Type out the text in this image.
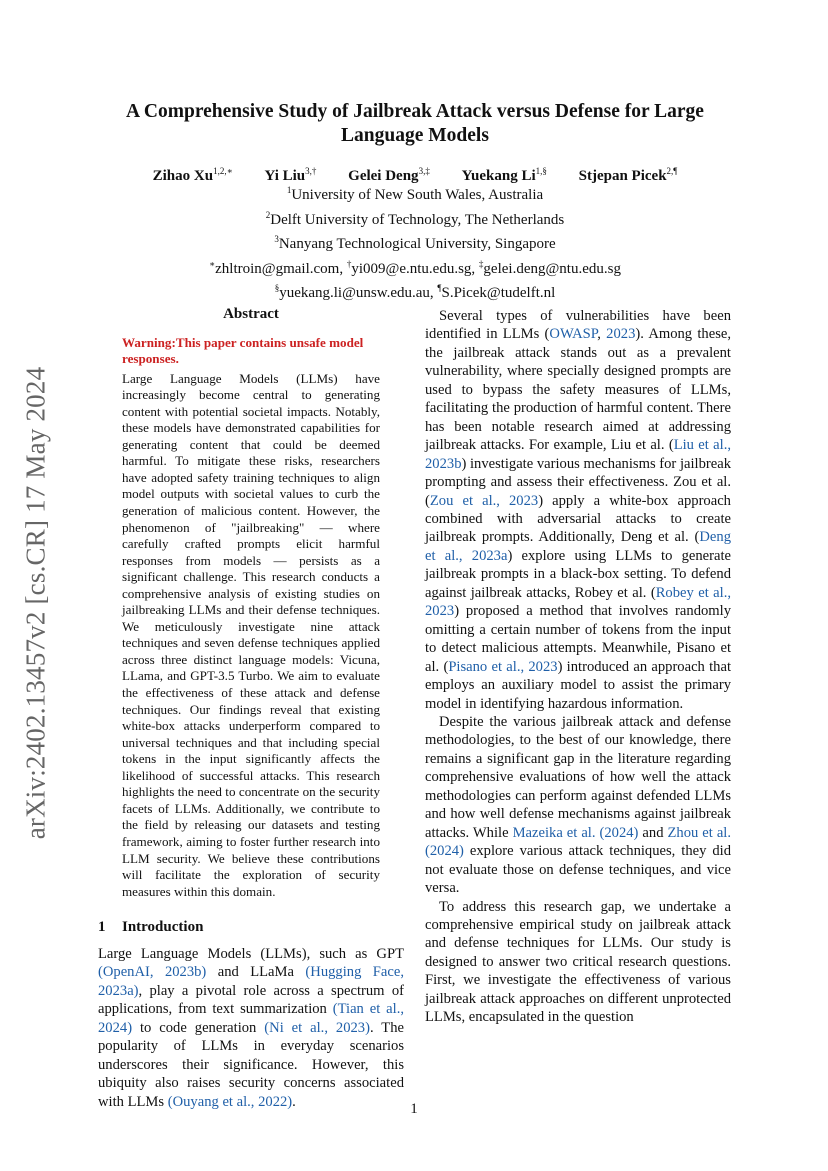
arXiv:2402.13457v2 [cs.CR] 17 May 2024
A Comprehensive Study of Jailbreak Attack versus Defense for Large
Language Models
Zihao $Xu^{1,2,∗}$ Yi Liu$^{3,\dagger}$ Gelei Deng$^{3,\ddagger}$ Yuekang $Li^{1,\S}$ Stjepan Picek$^{2,\P}$
$^1$University of New South Wales, Australia
$^2$Delft University of Technology, The Netherlands
$^3$Nanyang Technological University, Singapore
∗zhltroin@gmail.com, †yi009@e.ntu.edu.sg, ‡gelei.deng@ntu.edu.sg
§yuekang.li@unsw.edu.au, ¶S.Picek@tudelft.nl
Abstract
Warning:This paper contains unsafe model responses.

Large Language Models (LLMs) have increasingly become central to generating content with potential societal impacts. Notably, these models have demonstrated capabilities for generating content that could be deemed harmful. To mitigate these risks, researchers have adopted safety training techniques to align model outputs with societal values to curb the generation of malicious content. However, the phenomenon of "jailbreaking" — where carefully crafted prompts elicit harmful responses from models — persists as a significant challenge. This research conducts a comprehensive analysis of existing studies on jailbreaking LLMs and their defense techniques. We meticulously investigate nine attack techniques and seven defense techniques applied across three distinct language models: Vicuna, LLama, and GPT-3.5 Turbo. We aim to evaluate the effectiveness of these attack and defense techniques. Our findings reveal that existing white-box attacks underperform compared to universal techniques and that including special tokens in the input significantly affects the likelihood of successful attacks. This research highlights the need to concentrate on the security facets of LLMs. Additionally, we contribute to the field by releasing our datasets and testing framework, aiming to foster further research into LLM security. We believe these contributions will facilitate the exploration of security measures within this domain.

1 Introduction

Large Language Models (LLMs), such as GPT (OpenAI, 2023b) and LLaMa (Hugging Face, 2023a), play a pivotal role across a spectrum of applications, from text summarization (Tian et al., 2024) to code generation (Ni et al., 2023). The popularity of LLMs in everyday scenarios underscores their significance. However, this ubiquity also raises security concerns associated with LLMs (Ouyang et al., 2022).

Several types of vulnerabilities have been identified in LLMs (OWASP, 2023). Among these, the jailbreak attack stands out as a prevalent vulnerability, where specially designed prompts are used to bypass the safety measures of LLMs, facilitating the production of harmful content. There has been notable research aimed at addressing jailbreak attacks. For example, Liu et al. (Liu et al., 2023b) investigate various mechanisms for jailbreak prompting and assess their effectiveness. Zou et al. (Zou et al., 2023) apply a white-box approach combined with adversarial attacks to create jailbreak prompts. Additionally, Deng et al. (Deng et al., 2023a) explore using LLMs to generate jailbreak prompts in a black-box setting. To defend against jailbreak attacks, Robey et al. (Robey et al., 2023) proposed a method that involves randomly omitting a certain number of tokens from the input to detect malicious attempts. Meanwhile, Pisano et al. (Pisano et al., 2023) introduced an approach that employs an auxiliary model to assist the primary model in identifying hazardous information.

Despite the various jailbreak attack and defense methodologies, to the best of our knowledge, there remains a significant gap in the literature regarding comprehensive evaluations of how well the attack methodologies can perform against defended LLMs and how well defense mechanisms against jailbreak attacks. While Mazeika et al. (2024) and Zhou et al. (2024) explore various attack techniques, they did not evaluate those on defense techniques, and vice versa.

To address this research gap, we undertake a comprehensive empirical study on jailbreak attack and defense techniques for LLMs. Our study is designed to answer two critical research questions. First, we investigate the effectiveness of various jailbreak attack approaches on different unprotected LLMs, encapsulated in the question

1
